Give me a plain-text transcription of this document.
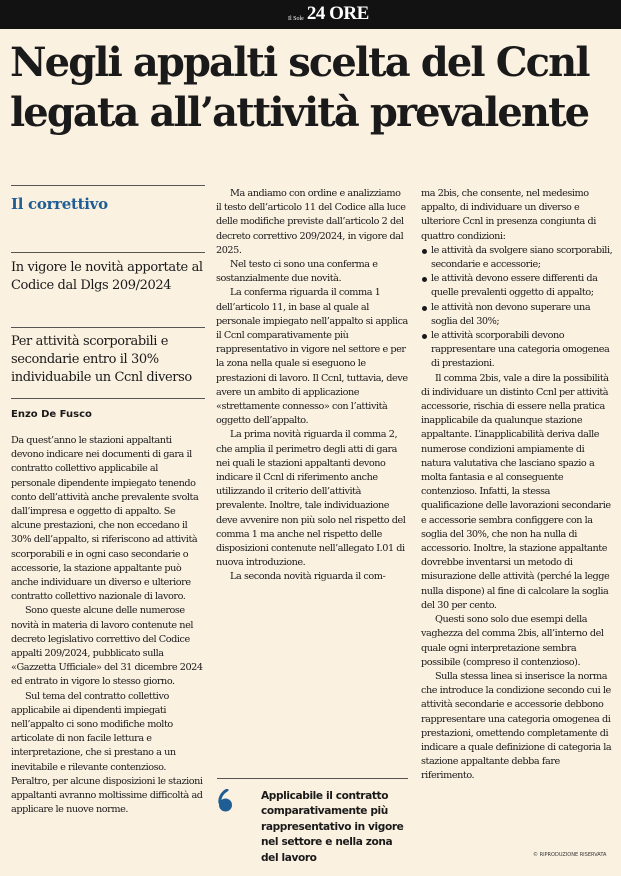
Il Sole 24 ORE
Negli appalti scelta del Ccnl
legata all’attività prevalente
Il correttivo
In vigore le novità apportate al Codice dal Dlgs 209/2024
Per attività scorporabili e secondarie entro il 30% individuabile un Ccnl diverso
Enzo De Fusco

Da quest’anno le stazioni appaltanti devono indicare nei documenti di gara il contratto collettivo applicabile al personale dipendente impiegato tenendo conto dell’attività anche prevalente svolta dall’impresa e oggetto di appalto. Se alcune prestazioni, che non eccedano il 30% dell’appalto, si riferiscono ad attività scorporabili e in ogni caso secondarie o accessorie, la stazione appaltante può anche individuare un diverso e ulteriore contratto collettivo nazionale di lavoro.

Sono queste alcune delle numerose novità in materia di lavoro contenute nel decreto legislativo correttivo del Codice appalti 209/2024, pubblicato sulla «Gazzetta Ufficiale» del 31 dicembre 2024 ed entrato in vigore lo stesso giorno.

Sul tema del contratto collettivo applicabile ai dipendenti impiegati nell’appalto ci sono modifiche molto articolate di non facile lettura e interpretazione, che si prestano a un inevitabile e rilevante contenzioso. Peraltro, per alcune disposizioni le stazioni appaltanti avranno moltissime difficoltà ad applicare le nuove norme.

Ma andiamo con ordine e analizziamo il testo dell’articolo 11 del Codice alla luce delle modifiche previste dall’articolo 2 del decreto correttivo 209/2024, in vigore dal 2025.

Nel testo ci sono una conferma e sostanzialmente due novità.

La conferma riguarda il comma 1 dell’articolo 11, in base al quale al personale impiegato nell’appalto si applica il Ccnl comparativamente più rappresentativo in vigore nel settore e per la zona nella quale si eseguono le prestazioni di lavoro. Il Ccnl, tuttavia, deve avere un ambito di applicazione «strettamente connesso» con l’attività oggetto dell’appalto.

La prima novità riguarda il comma 2, che amplia il perimetro degli atti di gara nei quali le stazioni appaltanti devono indicare il Ccnl di riferimento anche utilizzando il criterio dell’attività prevalente. Inoltre, tale individuazione deve avvenire non più solo nel rispetto del comma 1 ma anche nel rispetto delle disposizioni contenute nell’allegato I.01 di nuova introduzione.

La seconda novità riguarda il com-

ma 2bis, che consente, nel medesimo appalto, di individuare un diverso e ulteriore Ccnl in presenza congiunta di quattro condizioni:

le attività da svolgere siano scorporabili, secondarie e accessorie;

le attività devono essere differenti da quelle prevalenti oggetto di appalto;

le attività non devono superare una soglia del 30%;

le attività scorporabili devono rappresentare una categoria omogenea di prestazioni.

Il comma 2bis, vale a dire la possibilità di individuare un distinto Ccnl per attività accessorie, rischia di essere nella pratica inapplicabile da qualunque stazione appaltante. L’inapplicabilità deriva dalle numerose condizioni ampiamente di natura valutativa che lasciano spazio a molta fantasia e al conseguente contenzioso. Infatti, la stessa qualificazione delle lavorazioni secondarie e accessorie sembra configgere con la soglia del 30%, che non ha nulla di accessorio. Inoltre, la stazione appaltante dovrebbe inventarsi un metodo di misurazione delle attività (perché la legge nulla dispone) al fine di calcolare la soglia del 30 per cento.

Questi sono solo due esempi della vaghezza del comma 2bis, all’interno del quale ogni interpretazione sembra possibile (compreso il contenzioso).

Sulla stessa linea si inserisce la norma che introduce la condizione secondo cui le attività secondarie e accessorie debbono rappresentare una categoria omogenea di prestazioni, omettendo completamente di indicare a quale definizione di categoria la stazione appaltante debba fare riferimento.

Applicabile il contratto comparativamente più rappresentativo in vigore nel settore e nella zona del lavoro	© RIPRODUZIONE RISERVATA
